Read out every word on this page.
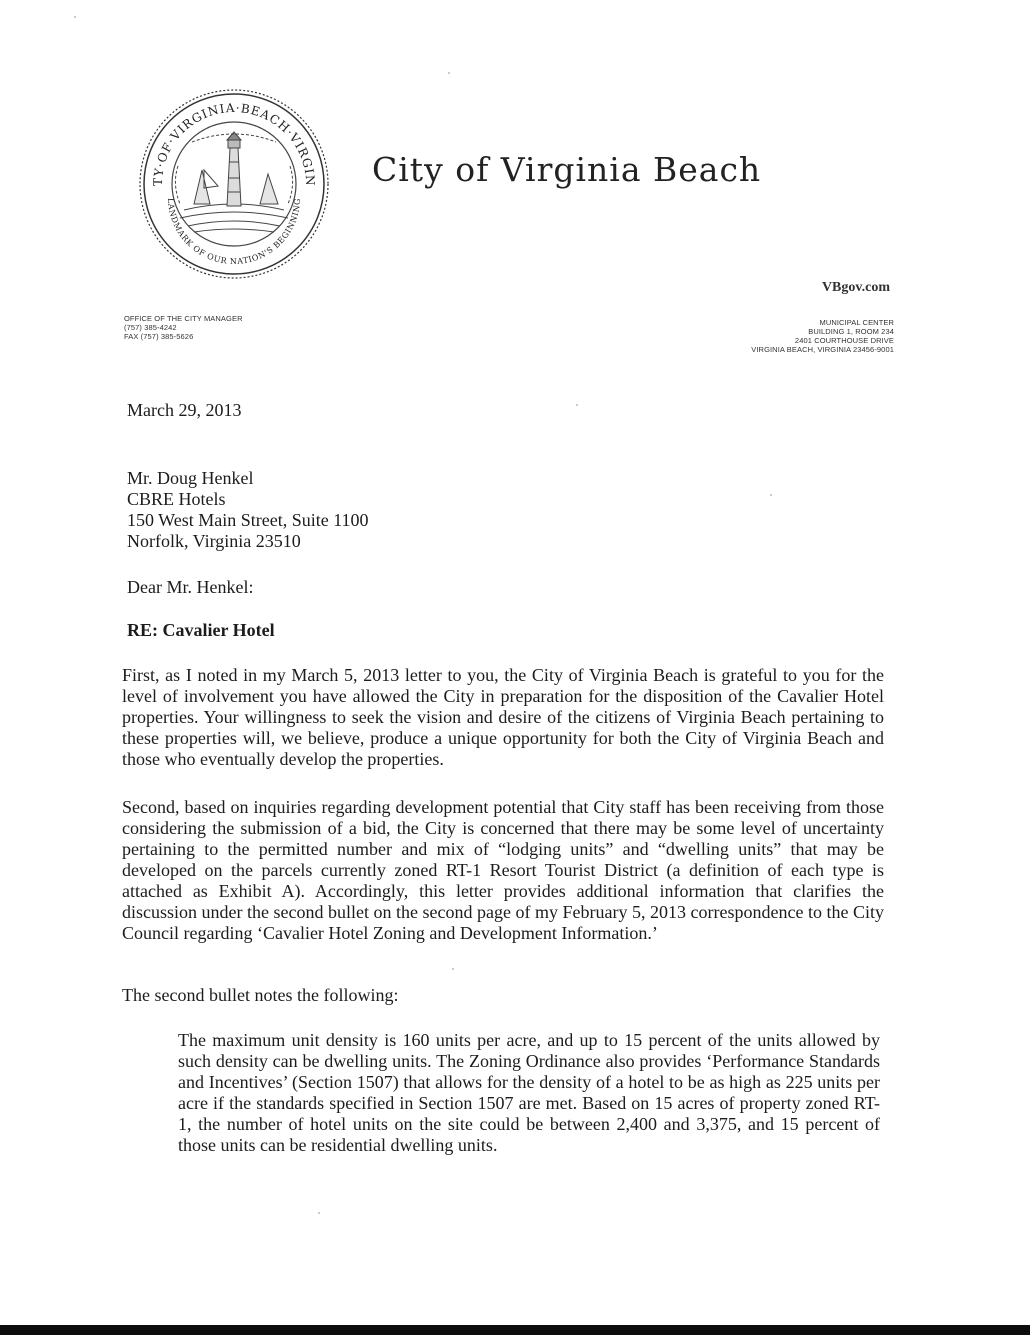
TY·OF·VIRGINIA·BEACH·VIRGIN
LANDMARK OF OUR NATION'S BEGINNING
City of Virginia Beach
VBgov.com
OFFICE OF THE CITY MANAGER
(757) 385-4242
FAX (757) 385-5626
MUNICIPAL CENTER
BUILDING 1, ROOM 234
2401 COURTHOUSE DRIVE
VIRGINIA BEACH, VIRGINIA 23456-9001
March 29, 2013
Mr. Doug Henkel
CBRE Hotels
150 West Main Street, Suite 1100
Norfolk, Virginia 23510
Dear Mr. Henkel:
RE: Cavalier Hotel

First, as I noted in my March 5, 2013 letter to you, the City of Virginia Beach is grateful to you for the level of involvement you have allowed the City in preparation for the disposition of the Cavalier Hotel properties. Your willingness to seek the vision and desire of the citizens of Virginia Beach pertaining to these properties will, we believe, produce a unique opportunity for both the City of Virginia Beach and those who eventually develop the properties.

Second, based on inquiries regarding development potential that City staff has been receiving from those considering the submission of a bid, the City is concerned that there may be some level of uncertainty pertaining to the permitted number and mix of “lodging units” and “dwelling units” that may be developed on the parcels currently zoned RT-1 Resort Tourist District (a definition of each type is attached as Exhibit A). Accordingly, this letter provides additional information that clarifies the discussion under the second bullet on the second page of my February 5, 2013 correspondence to the City Council regarding ‘Cavalier Hotel Zoning and Development Information.’

The second bullet notes the following:

The maximum unit density is 160 units per acre, and up to 15 percent of the units allowed by such density can be dwelling units. The Zoning Ordinance also provides ‘Performance Standards and Incentives’ (Section 1507) that allows for the density of a hotel to be as high as 225 units per acre if the standards specified in Section 1507 are met. Based on 15 acres of property zoned RT-1, the number of hotel units on the site could be between 2,400 and 3,375, and 15 percent of those units can be residential dwelling units.
